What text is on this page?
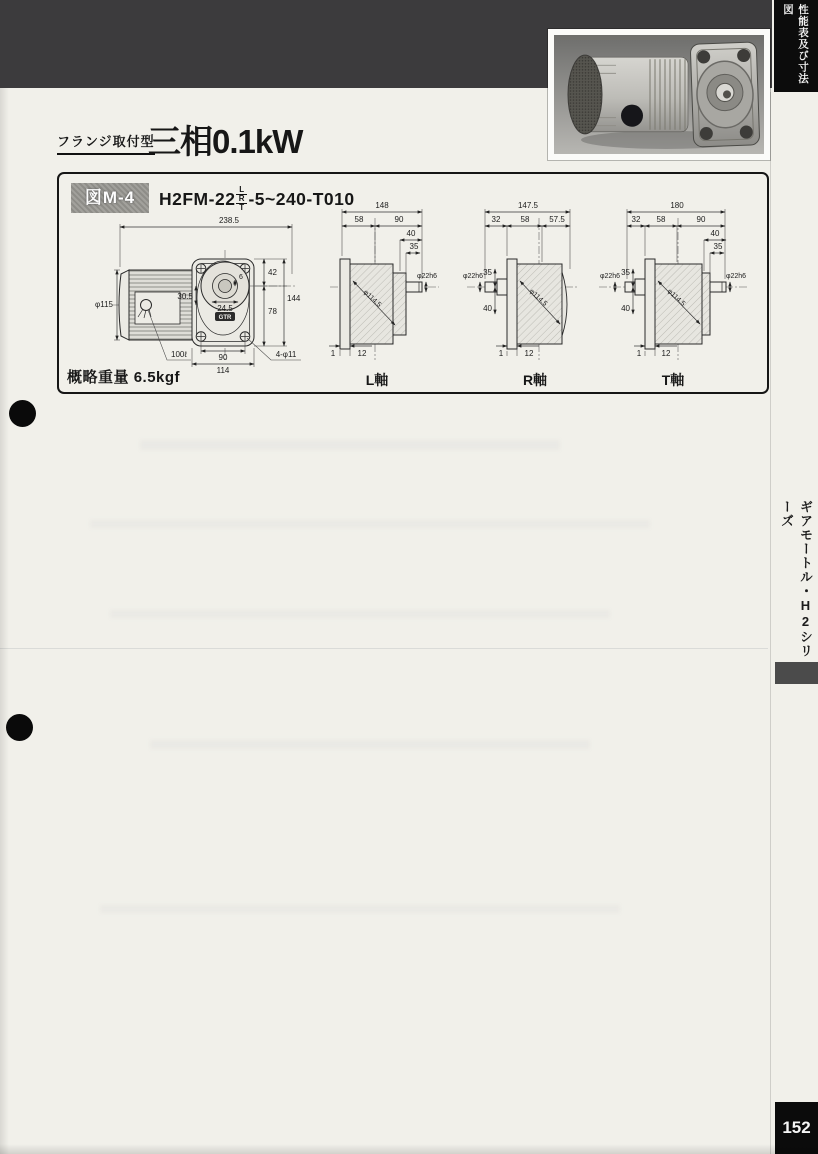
性能表及び寸法図
フランジ取付型
三相0.1kW
GTR
238.5
φ115
42
78
144
30.5
24.5
6
90
114
100ℓ	4-φ11
148
58	90
40
35
φ22h6
φ114.5
1	12
147.5
32	58 57.5
35
40
φ22h6
φ114.5
1	12
180
32 58	90
40
35
35
40
φ22h6	φ22h6
φ114.5
1	12
図M-4	H2FM-22 L
R
T -5~240-T010
L軸	R軸	T軸
概略重量 6.5kgf
ギアモートル・H2シリーズ
152
